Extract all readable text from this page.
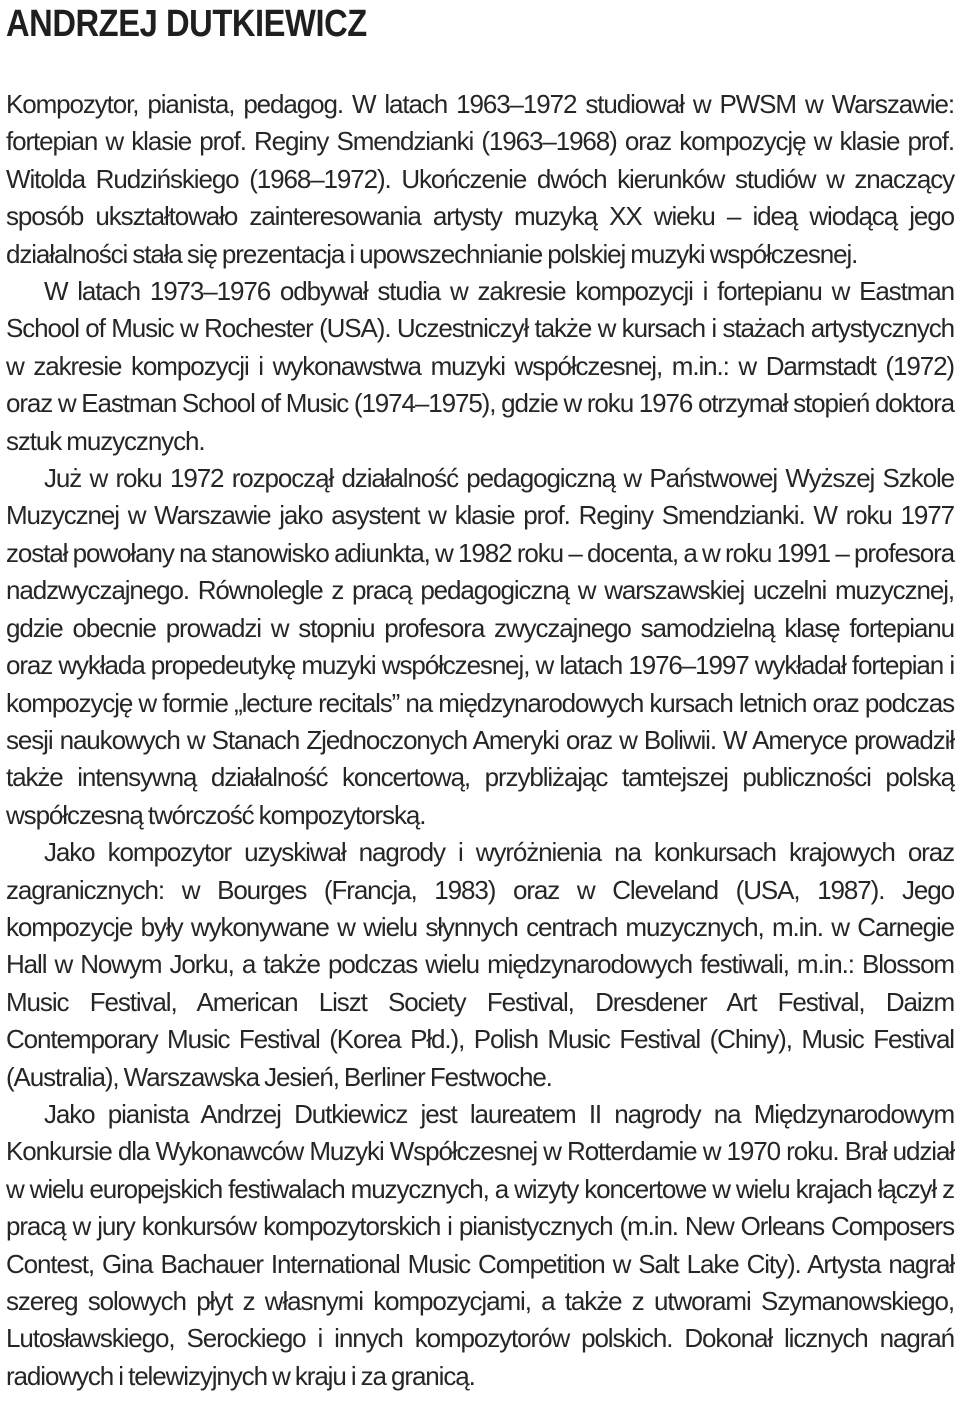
ANDRZEJ DUTKIEWICZ

Kompozytor, pianista, pedagog. W latach 1963–1972 studiował w PWSM w Warszawie: fortepian w klasie prof. Reginy Smendzianki (1963–1968) oraz kompozycję w klasie prof. Witolda Rudzińskiego (1968–1972). Ukończenie dwóch kierunków studiów w znaczący sposób ukształtowało zainteresowania artysty muzyką XX wieku – ideą wiodącą jego działalności stała się prezentacja i upowszechnianie polskiej muzyki współczesnej.

W latach 1973–1976 odbywał studia w zakresie kompozycji i fortepianu w Eastman School of Music w Rochester (USA). Uczestniczył także w kursach i stażach artystycznych w zakresie kompozycji i wykonawstwa muzyki współczesnej, m.in.: w Darmstadt (1972) oraz w Eastman School of Music (1974–1975), gdzie w roku 1976 otrzymał stopień doktora sztuk muzycznych.

Już w roku 1972 rozpoczął działalność pedagogiczną w Państwowej Wyższej Szkole Muzycznej w Warszawie jako asystent w klasie prof. Reginy Smendzianki. W roku 1977 został powołany na stanowisko adiunkta, w 1982 roku – docenta, a w roku 1991 – profesora nadzwyczajnego. Równolegle z pracą pedagogiczną w warszawskiej uczelni muzycznej, gdzie obecnie prowadzi w stopniu profesora zwyczajnego samodzielną klasę fortepianu oraz wykłada propedeutykę muzyki współczesnej, w latach 1976–1997 wykładał fortepian i kompozycję w formie „lecture recitals” na międzynarodowych kursach letnich oraz podczas sesji naukowych w Stanach Zjednoczonych Ameryki oraz w Boliwii. W Ameryce prowadził także intensywną działalność koncertową, przybliżając tamtejszej publiczności polską współczesną twórczość kompozytorską.

Jako kompozytor uzyskiwał nagrody i wyróżnienia na konkursach krajowych oraz zagranicznych: w Bourges (Francja, 1983) oraz w Cleveland (USA, 1987). Jego kompozycje były wykonywane w wielu słynnych centrach muzycznych, m.in. w Carnegie Hall w Nowym Jorku, a także podczas wielu międzynarodowych festiwali, m.in.: Blossom Music Festival, American Liszt Society Festival, Dresdener Art Festival, Daizm Contemporary Music Festival (Korea Płd.), Polish Music Festival (Chiny), Music Festival (Australia), Warszawska Jesień, Berliner Festwoche.

Jako pianista Andrzej Dutkiewicz jest laureatem II nagrody na Międzynarodowym Konkursie dla Wykonawców Muzyki Współczesnej w Rotterdamie w 1970 roku. Brał udział w wielu europejskich festiwalach muzycznych, a wizyty koncertowe w wielu krajach łączył z pracą w jury konkursów kompozytorskich i pianistycznych (m.in. New Orleans Composers Contest, Gina Bachauer International Music Competition w Salt Lake City). Artysta nagrał szereg solowych płyt z własnymi kompozycjami, a także z utworami Szymanowskiego, Lutosławskiego, Serockiego i innych kompozytorów polskich. Dokonał licznych nagrań radiowych i telewizyjnych w kraju i za granicą.
